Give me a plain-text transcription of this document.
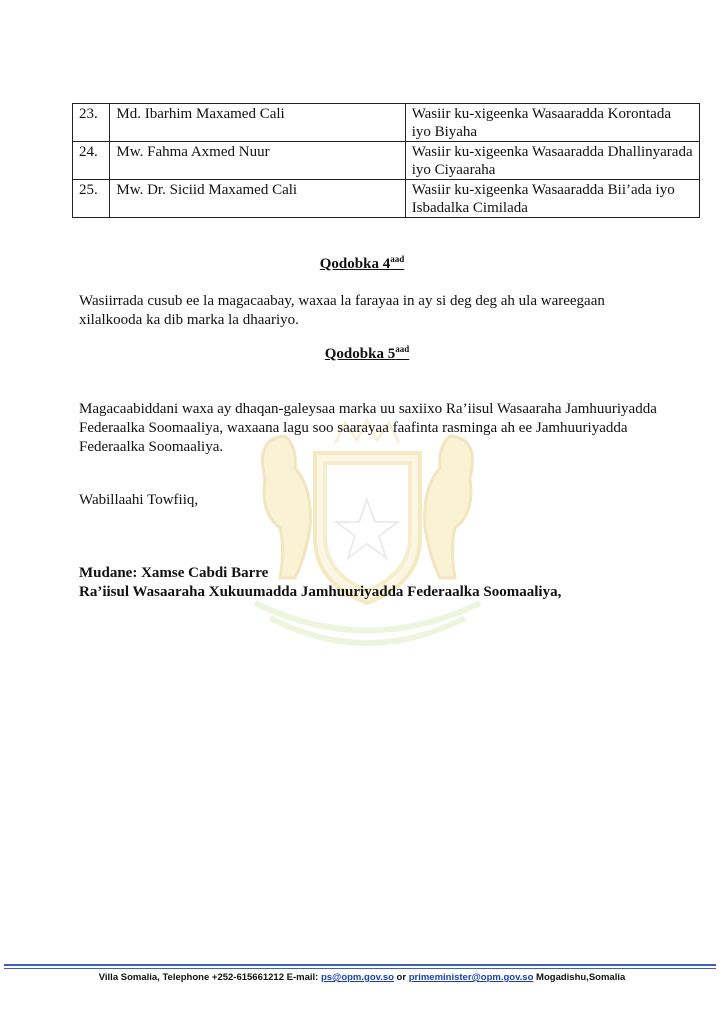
23.	Md. Ibarhim Maxamed Cali	Wasiir ku-xigeenka Wasaaradda Korontada iyo Biyaha
24.	Mw. Fahma Axmed Nuur	Wasiir ku-xigeenka Wasaaradda Dhallinyarada iyo Ciyaaraha
25.	Mw. Dr. Siciid Maxamed Cali	Wasiir ku-xigeenka Wasaaradda Bii’ada iyo Isbadalka Cimilada
Qodobka $4^{aad}$
Wasiirrada cusub ee la magacaabay, waxaa la farayaa in ay si deg deg ah ula wareegaan xilalkooda ka dib marka la dhaariyo.
Qodobka $5^{aad}$
Magacaabiddani waxa ay dhaqan-galeysaa marka uu saxiixo Ra’iisul Wasaaraha Jamhuuriyadda Federaalka Soomaaliya, waxaana lagu soo saarayaa faafinta rasminga ah ee Jamhuuriyadda Federaalka Soomaaliya.
Wabillaahi Towfiiq,
Mudane: Xamse Cabdi Barre
Ra’iisul Wasaaraha Xukuumadda Jamhuuriyadda Federaalka Soomaaliya,
Villa Somalia, Telephone +252-615661212 E-mail: ps@opm.gov.so or primeminister@opm.gov.so Mogadishu,Somalia
